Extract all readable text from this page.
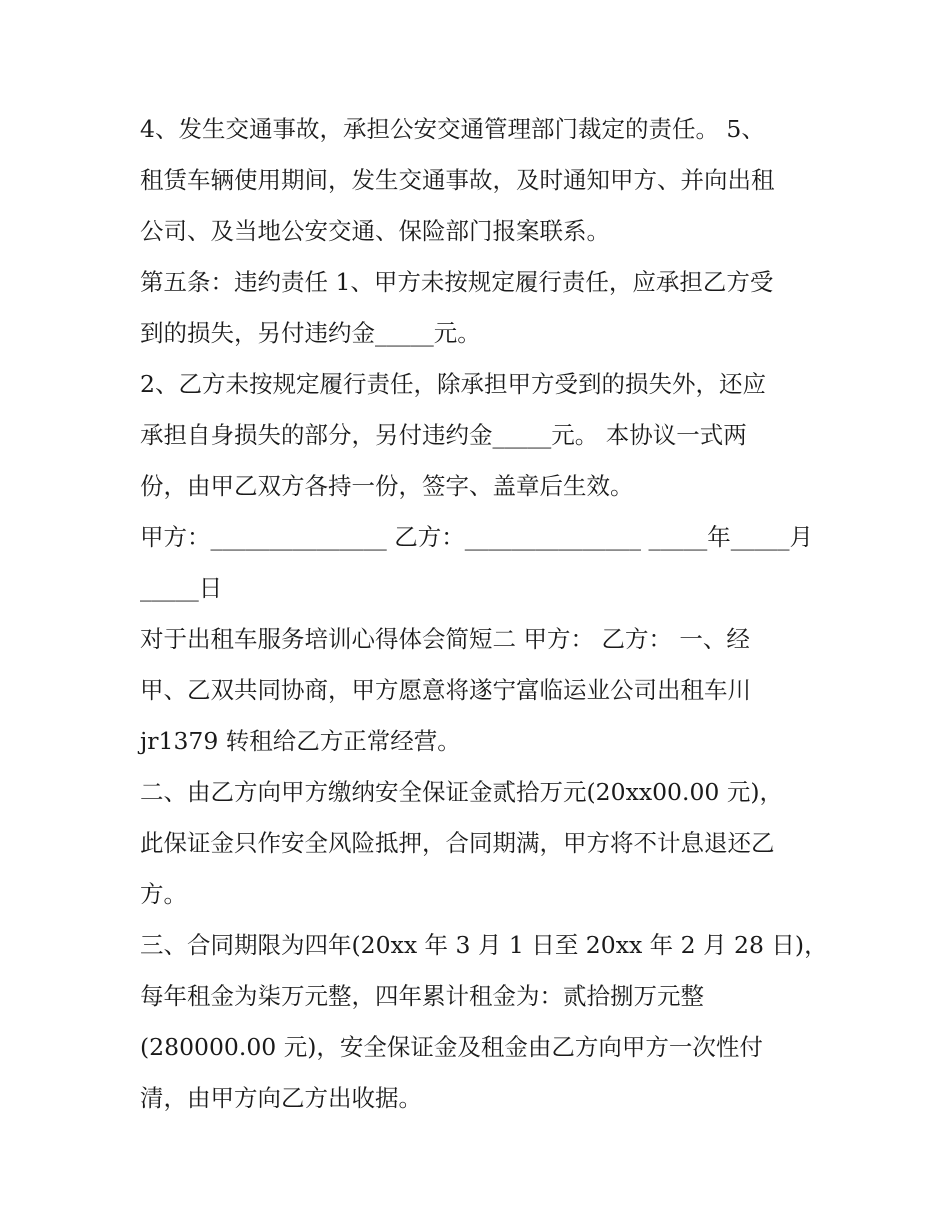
4、发生交通事故，承担公安交通管理部门裁定的责任。 5、
租赁车辆使用期间，发生交通事故，及时通知甲方、并向出租
公司、及当地公安交通、保险部门报案联系。
第五条：违约责任 1、甲方未按规定履行责任，应承担乙方受
到的损失，另付违约金_____元。
2、乙方未按规定履行责任，除承担甲方受到的损失外，还应
承担自身损失的部分，另付违约金_____元。 本协议一式两
份，由甲乙双方各持一份，签字、盖章后生效。
甲方：_______________ 乙方：_______________ _____年_____月
_____日
对于出租车服务培训心得体会简短二 甲方： 乙方： 一、经
甲、乙双共同协商，甲方愿意将遂宁富临运业公司出租车川
jr1379 转租给乙方正常经营。
二、由乙方向甲方缴纳安全保证金贰拾万元(20xx00.00 元)，
此保证金只作安全风险抵押，合同期满，甲方将不计息退还乙
方。
三、合同期限为四年(20xx 年 3 月 1 日至 20xx 年 2 月 28 日)，
每年租金为柒万元整，四年累计租金为：贰拾捌万元整
(280000.00 元)，安全保证金及租金由乙方向甲方一次性付
清，由甲方向乙方出收据。
